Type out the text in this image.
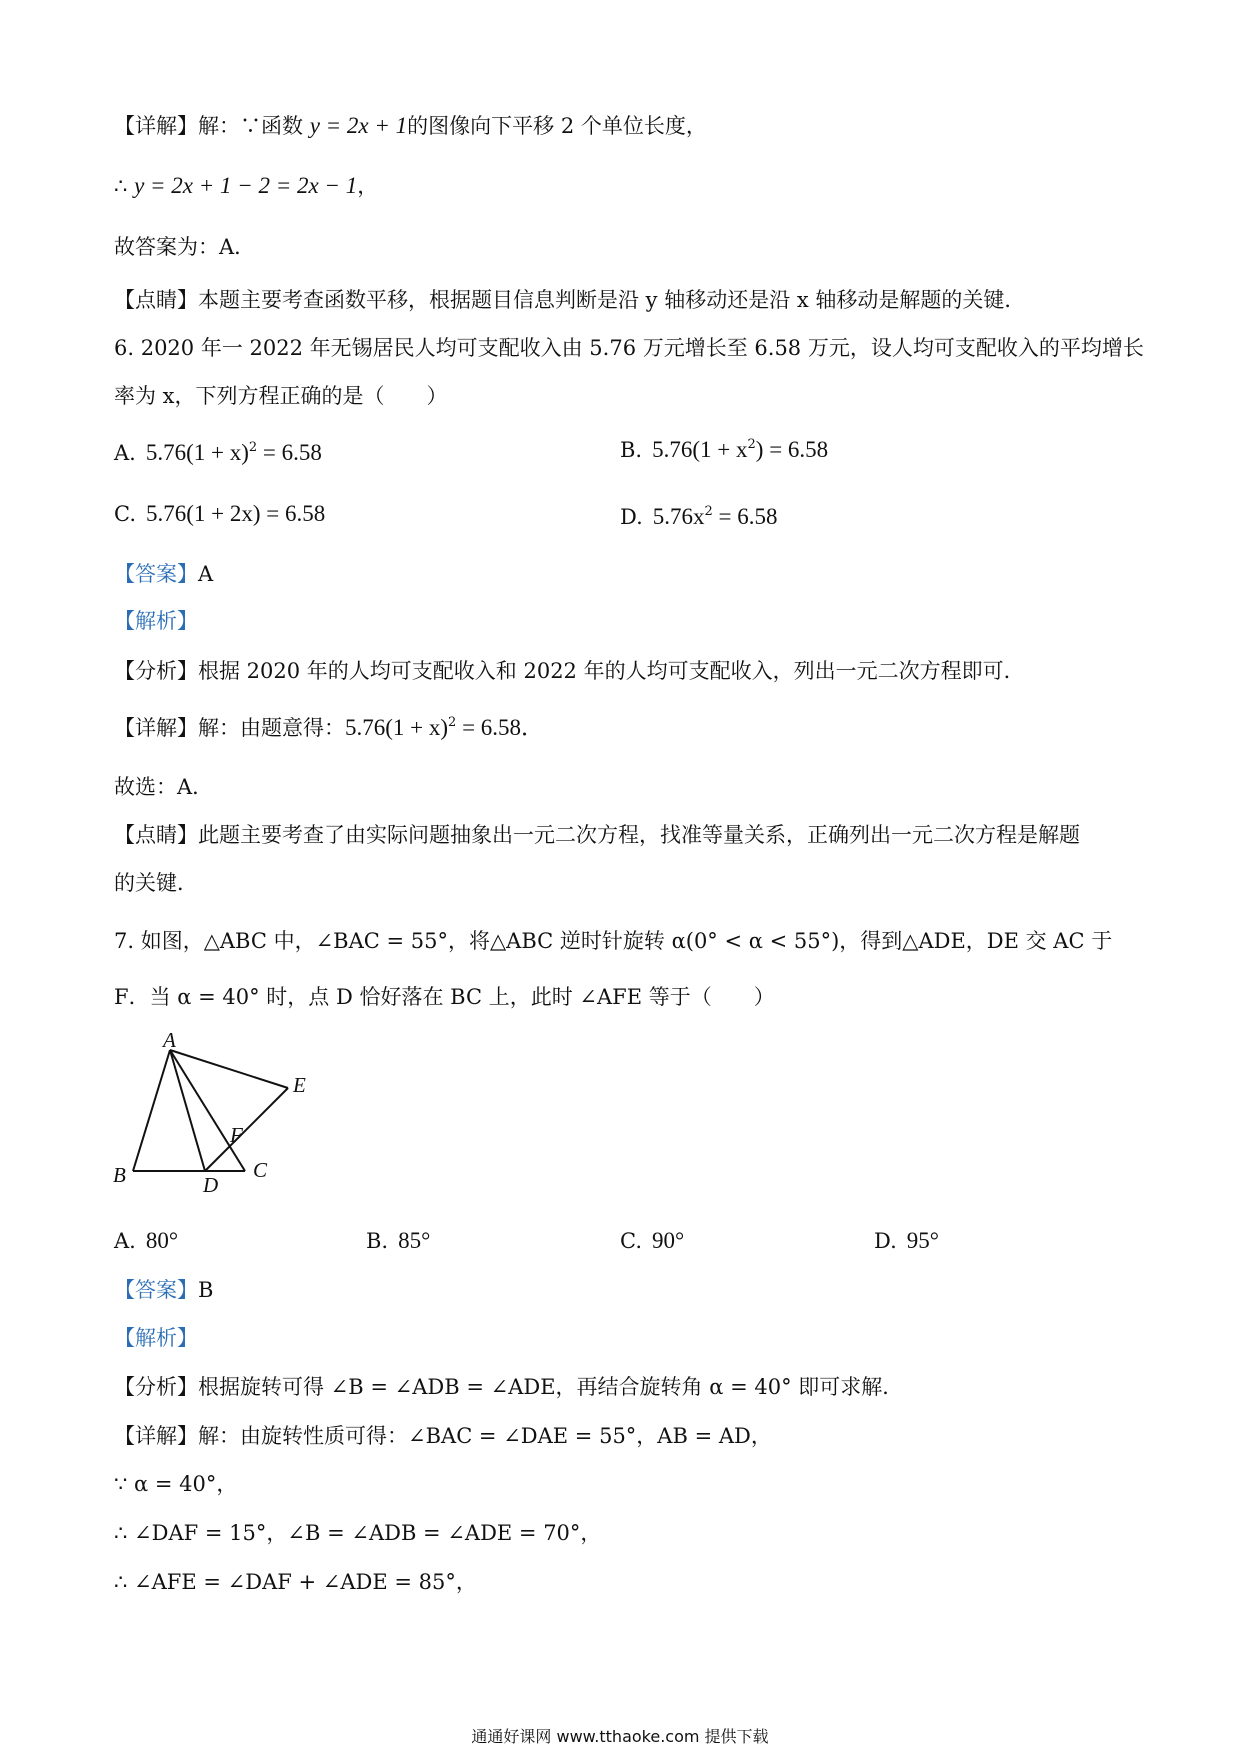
【详解】解：∵函数 y = 2x + 1的图像向下平移 2 个单位长度，
∴ y = 2x + 1 − 2 = 2x − 1，
故答案为：A．
【点睛】本题主要考查函数平移，根据题目信息判断是沿 y 轴移动还是沿 x 轴移动是解题的关键．
6. 2020 年一 2022 年无锡居民人均可支配收入由 5.76 万元增长至 6.58 万元，设人均可支配收入的平均增长
率为 x，下列方程正确的是（　　）
A. $5.76(1 + x)^2 = 6.58$	B. $5.76(1 + x^2) = 6.58$
C. 5.76(1 + 2x) = 6.58	D. $5.76x^2 = 6.58$
【答案】A
【解析】
【分析】根据 2020 年的人均可支配收入和 2022 年的人均可支配收入，列出一元二次方程即可．
【详解】解：由题意得：$5.76(1 + x)^2 = 6.58$．
故选：A．
【点睛】此题主要考查了由实际问题抽象出一元二次方程，找准等量关系，正确列出一元二次方程是解题
的关键．
7. 如图，△ABC 中，∠BAC = 55°，将△ABC 逆时针旋转 α(0° < α < 55°)，得到△ADE，DE 交 AC 于
F．当 α = 40° 时，点 D 恰好落在 BC 上，此时 ∠AFE 等于（　　）
A
B	C
D
E
F
A. 80°	B. 85°	C. 90°	D. 95°
【答案】B
【解析】
【分析】根据旋转可得 ∠B = ∠ADB = ∠ADE，再结合旋转角 α = 40° 即可求解．
【详解】解：由旋转性质可得：∠BAC = ∠DAE = 55°，AB = AD，
∵ α = 40°，
∴ ∠DAF = 15°，∠B = ∠ADB = ∠ADE = 70°，
∴ ∠AFE = ∠DAF + ∠ADE = 85°，
通通好课网 www.tthaoke.com 提供下载
